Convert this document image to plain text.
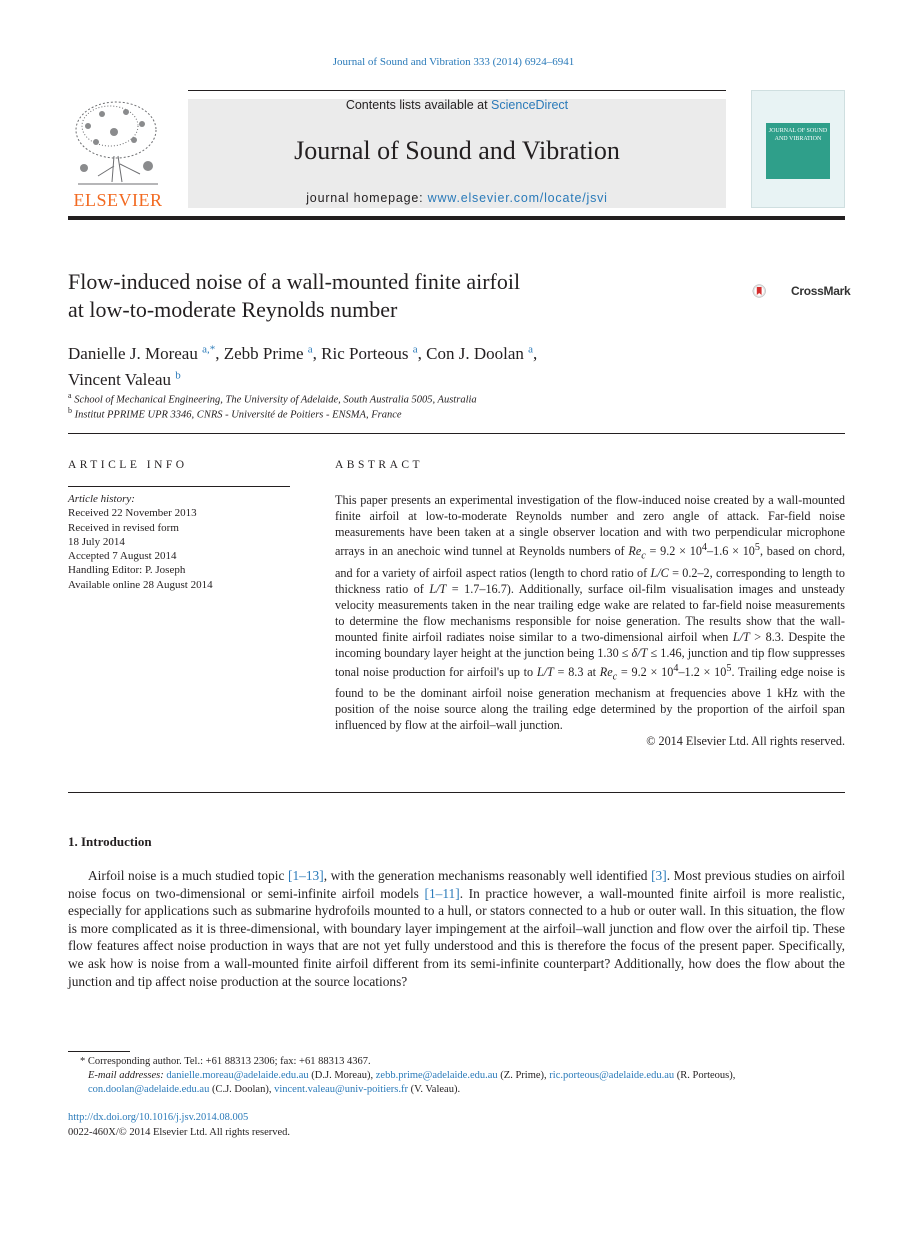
Journal of Sound and Vibration 333 (2014) 6924–6941
ELSEVIER
Contents lists available at ScienceDirect
Journal of Sound and Vibration
journal homepage: www.elsevier.com/locate/jsvi
JOURNAL OF SOUND AND VIBRATION
Flow-induced noise of a wall-mounted finite airfoil
at low-to-moderate Reynolds number
CrossMark
Danielle J. Moreau $^{a,*}$, Zebb Prime $^a$, Ric Porteous $^a$, Con J. Doolan $^a$,
Vincent Valeau $^b$
$^a$ School of Mechanical Engineering, The University of Adelaide, South Australia 5005, Australia
$^b$ Institut PPRIME UPR 3346, CNRS - Université de Poitiers - ENSMA, France
ARTICLE INFO	ABSTRACT
Article history:
Received 22 November 2013
Received in revised form
18 July 2014
Accepted 7 August 2014
Handling Editor: P. Joseph
Available online 28 August 2014
This paper presents an experimental investigation of the flow-induced noise created by a wall-mounted finite airfoil at low-to-moderate Reynolds number and zero angle of attack. Far-field noise measurements have been taken at a single observer location and with two perpendicular microphone arrays in an anechoic wind tunnel at Reynolds numbers of $Re_c = 9.2 \times 10^4-1.6 \times 10^5$, based on chord, and for a variety of airfoil aspect ratios (length to chord ratio of L/C = 0.2–2, corresponding to length to thickness ratio of L/T = 1.7–16.7). Additionally, surface oil-film visualisation images and unsteady velocity measurements taken in the near trailing edge wake are related to far-field noise measurements to determine the flow mechanisms responsible for noise generation. The results show that the wall-mounted finite airfoil radiates noise similar to a two-dimensional airfoil when L/T > 8.3. Despite the incoming boundary layer height at the junction being 1.30 ≤ δ/T ≤ 1.46, junction and tip flow suppresses tonal noise production for airfoil's up to L/T = 8.3 at $Re_c = 9.2 \times 10^4-1.2 \times 10^5$. Trailing edge noise is found to be the dominant airfoil noise generation mechanism at frequencies above 1 kHz with the position of the noise source along the trailing edge determined by the proportion of the airfoil span influenced by flow at the airfoil–wall junction.
© 2014 Elsevier Ltd. All rights reserved.
1. Introduction
Airfoil noise is a much studied topic [1–13], with the generation mechanisms reasonably well identified [3]. Most previous studies on airfoil noise focus on two-dimensional or semi-infinite airfoil models [1–11]. In practice however, a wall-mounted finite airfoil is more realistic, especially for applications such as submarine hydrofoils mounted to a hull, or stators connected to a hub or outer wall. In this situation, the flow is more complicated as it is three-dimensional, with boundary layer impingement at the airfoil–wall junction and flow over the airfoil tip. These flow features affect noise production in ways that are not yet fully understood and this is therefore the focus of the present paper. Specifically, we ask how is noise from a wall-mounted finite airfoil different from its semi-infinite counterpart? Additionally, how does the flow about the junction and tip affect noise production at the source locations?
* Corresponding author. Tel.: +61 88313 2306; fax: +61 88313 4367.
E-mail addresses: danielle.moreau@adelaide.edu.au (D.J. Moreau), zebb.prime@adelaide.edu.au (Z. Prime), ric.porteous@adelaide.edu.au (R. Porteous), con.doolan@adelaide.edu.au (C.J. Doolan), vincent.valeau@univ-poitiers.fr (V. Valeau).
http://dx.doi.org/10.1016/j.jsv.2014.08.005
0022-460X/© 2014 Elsevier Ltd. All rights reserved.
